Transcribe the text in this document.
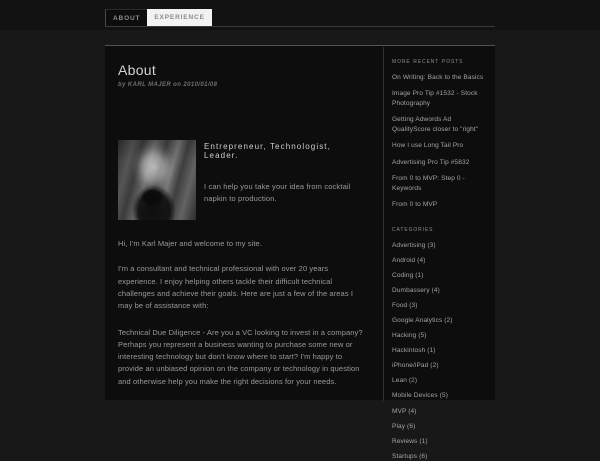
ABOUT EXPERIENCE
About
by KARL MAJER on 2010/01/08
Entrepreneur, Technologist, Leader.
I can help you take your idea from cocktail napkin to production.

Hi, I'm Karl Majer and welcome to my site.

I'm a consultant and technical professional with over 20 years experience. I enjoy helping others tackle their difficult technical challenges and achieve their goals. Here are just a few of the areas I may be of assistance with:

Technical Due Diligence - Are you a VC looking to invest in a company? Perhaps you represent a business wanting to purchase some new or interesting technology but don't know where to start? I'm happy to provide an unbiased opinion on the company or technology in question and otherwise help you make the right decisions for your needs.

more recent posts
On Writing: Back to the Basics
Image Pro Tip #1532 - Stock Photography
Getting Adwords Ad QualityScore closer to "right"
How I use Long Tail Pro
Advertising Pro Tip #5832
From 0 to MVP: Step 0 - Keywords
From 0 to MVP
categories
Advertising (3)
Android (4)
Coding (1)
Dumbassery (4)
Food (3)
Google Analytics (2)
Hacking (5)
Hackintosh (1)
iPhone/iPad (2)
Lean (2)
Mobile Devices (5)
MVP (4)
Play (6)
Reviews (1)
Startups (6)
